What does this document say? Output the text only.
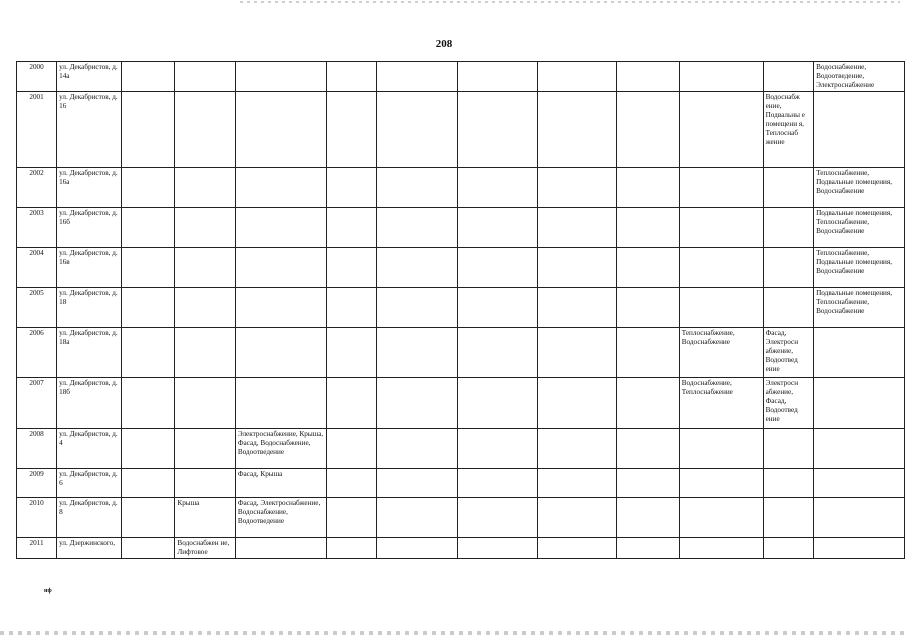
208
2000	ул. Декабристов, д. 14а											Водоснабжение, Водоотведение, Электроснабжение
2001	ул. Декабристов, д. 16										Водоснабж ение, Подвальны е помещени я, Теплоснаб жение	
2002	ул. Декабристов, д. 16а											Теплоснабжение, Подвальные помещения, Водоснабжение
2003	ул. Декабристов, д. 16б											Подвальные помещения, Теплоснабжение, Водоснабжение
2004	ул. Декабристов, д. 16в											Теплоснабжение, Подвальные помещения, Водоснабжение
2005	ул. Декабристов, д. 18											Подвальные помещения, Теплоснабжение, Водоснабжение
2006	ул. Декабристов, д. 18а									Теплоснабжение, Водоснабжение	Фасад, Электросн абжение, Водоотвед ение	
2007	ул. Декабристов, д. 18б									Водоснабжение, Теплоснабжение	Электросн абжение, Фасад, Водоотвед ение	
2008	ул. Декабристов, д. 4			Электроснабжение, Крыша, Фасад, Водоснабжение, Водоотведение								
2009	ул. Декабристов, д. 6			Фасад, Крыша								
2010	ул. Декабристов, д. 8		Крыша	Фасад, Электроснабжение, Водоснабжение, Водоотведение								
2011	ул. Дзержинского,		Водоснабжен ие, Лифтовое									
нф
